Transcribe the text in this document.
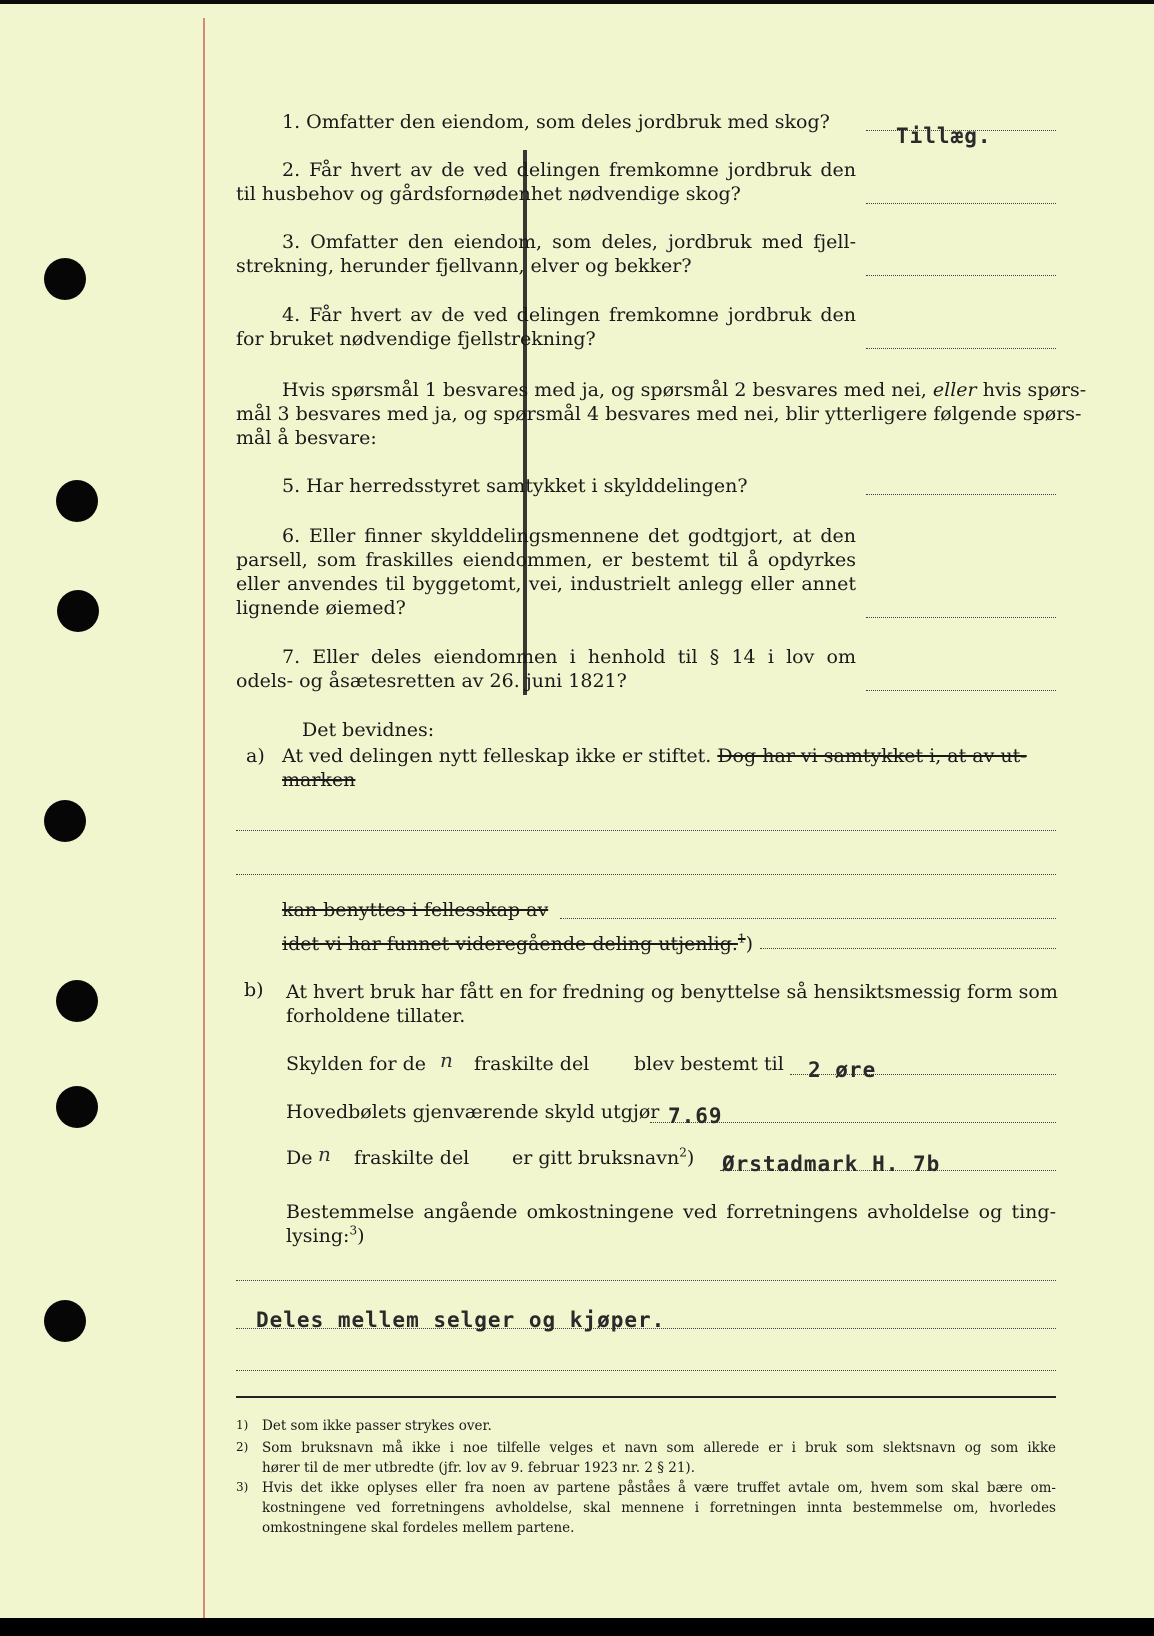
1. Omfatter den eiendom, som deles jordbruk med skog?
Tillæg.
2. Får hvert av de ved delingen fremkomne jordbruk den
til husbehov og gårdsfornødenhet nødvendige skog?
3. Omfatter den eiendom, som deles, jordbruk med fjell-
strekning, herunder fjellvann, elver og bekker?
4. Får hvert av de ved delingen fremkomne jordbruk den
for bruket nødvendige fjellstrekning?
Hvis spørsmål 1 besvares med ja, og spørsmål 2 besvares med nei, eller hvis spørs-
mål 3 besvares med ja, og spørsmål 4 besvares med nei, blir ytterligere følgende spørs-
mål å besvare:
5. Har herredsstyret samtykket i skylddelingen?
6. Eller finner skylddelingsmennene det godtgjort, at den
parsell, som fraskilles eiendommen, er bestemt til å opdyrkes
eller anvendes til byggetomt, vei, industrielt anlegg eller annet
lignende øiemed?
7. Eller deles eiendommen i henhold til § 14 i lov om
odels- og åsætesretten av 26. juni 1821?
Det bevidnes:
a) At ved delingen nytt felleskap ikke er stiftet. Dog har vi samtykket i, at av ut-
marken
kan benyttes i fellesskap av
idet vi har funnet videregående deling utjenlig.$^1$)
b) At hvert bruk har fått en for fredning og benyttelse så hensiktsmessig form som
forholdene tillater.
Skylden for de n fraskilte del blev bestemt til 2 øre
Hovedbølets gjenværende skyld utgjør 7.69
De n fraskilte del er gitt bruksnavn$^2$) Ørstadmark H. 7b
Bestemmelse angående omkostningene ved forretningens avholdelse og ting-
lysing:$^3$)
Deles mellem selger og kjøper.
1) Det som ikke passer strykes over.
2) Som bruksnavn må ikke i noe tilfelle velges et navn som allerede er i bruk som slektsnavn og som ikke
hører til de mer utbredte (jfr. lov av 9. februar 1923 nr. 2 § 21).
3) Hvis det ikke oplyses eller fra noen av partene påståes å være truffet avtale om, hvem som skal bære om-
kostningene ved forretningens avholdelse, skal mennene i forretningen innta bestemmelse om, hvorledes
omkostningene skal fordeles mellem partene.
